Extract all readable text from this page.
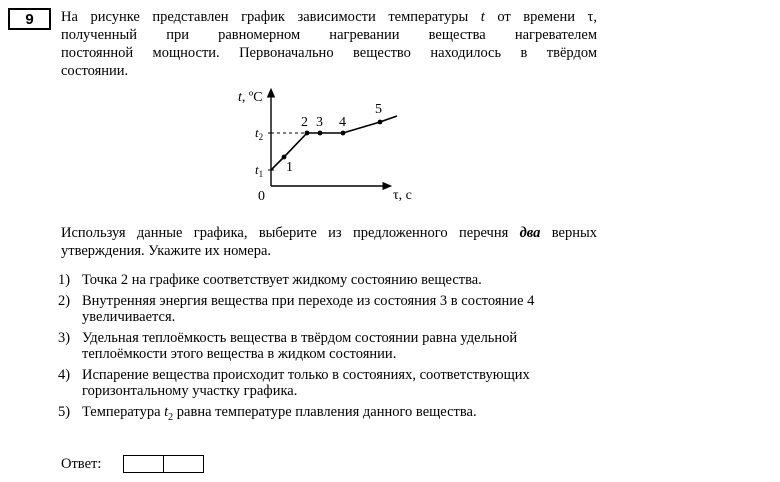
9	На рисунке представлен график зависимости температуры t от времени τ,
полученный при равномерном нагревании вещества нагревателем
постоянной мощности. Первоначально вещество находилось в твёрдом
состоянии.
t, ºC
τ, c
0
$t_1$
$t_2$
1
2 3 4
5
Используя данные графика, выберите из предложенного перечня два верных
утверждения. Укажите их номера.
1) Точка 2 на графике соответствует жидкому состоянию вещества.
2) Внутренняя энергия вещества при переходе из состояния 3 в состояние 4 увеличивается.
3) Удельная теплоёмкость вещества в твёрдом состоянии равна удельной теплоёмкости этого вещества в жидком состоянии.
4) Испарение вещества происходит только в состояниях, соответствующих горизонтальному участку графика.
5) Температура $t_2$ равна температуре плавления данного вещества.
Ответ:
